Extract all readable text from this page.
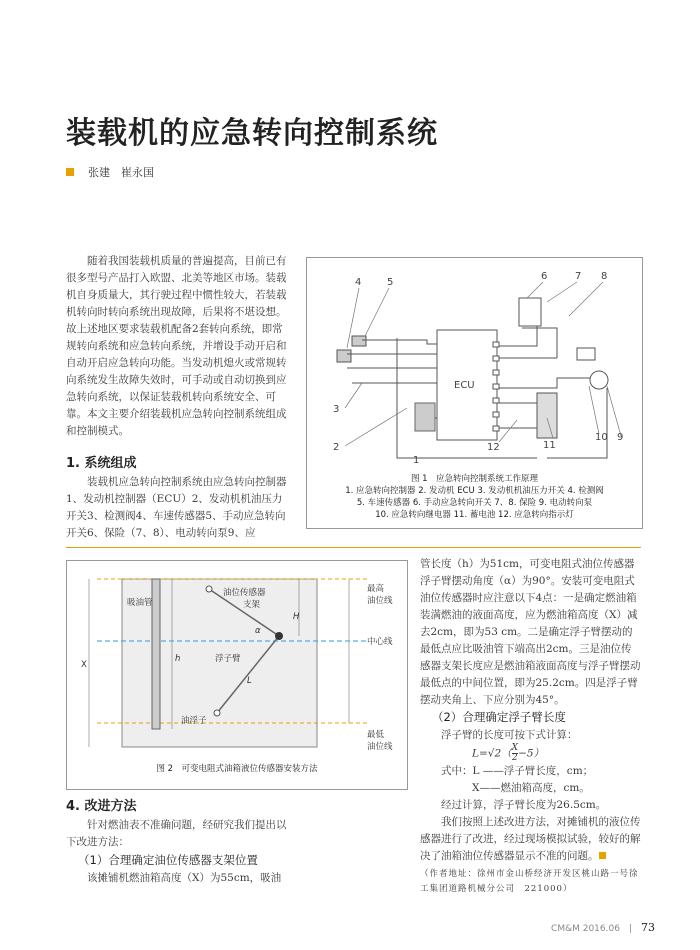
装载机的应急转向控制系统
张建　崔永国

随着我国装载机质量的普遍提高，目前已有很多型号产品打入欧盟、北美等地区市场。装载机自身质量大，其行驶过程中惯性较大，若装载机转向时转向系统出现故障，后果将不堪设想。故上述地区要求装载机配备2套转向系统，即常规转向系统和应急转向系统，并增设手动开启和自动开启应急转向功能。当发动机熄火或常规转向系统发生故障失效时，可手动或自动切换到应急转向系统，以保证装载机转向系统安全、可靠。本文主要介绍装载机应急转向控制系统组成和控制模式。

1. 系统组成

装载机应急转向控制系统由应急转向控制器1、发动机控制器（ECU）2、发动机机油压力开关3、检测阀4、车速传感器5、手动应急转向开关6、保险（7、8）、电动转向泵9、应

ECU
4	5
6	7 8
3
2
1
12	11
10 9
图 1　应急转向控制系统工作原理
1. 应急转向控制器 2. 发动机 ECU 3. 发动机机油压力开关 4. 检测阀
5. 车速传感器 6. 手动应急转向开关 7、8. 保险 9. 电动转向泵
10. 应急转向继电器 11. 蓄电池 12. 应急转向指示灯
吸油管
油位传感器
支架
最高
油位线
中心线
最低
油位线
浮子臂
油浮子
X
h
H
α
L
图 2　可变电阻式油箱液位传感器安装方法
4. 改进方法

针对燃油表不准确问题，经研究我们提出以下改进方法：

（1）合理确定油位传感器支架位置

该摊铺机燃油箱高度（X）为55cm，吸油

管长度（h）为51cm，可变电阻式油位传感器浮子臂摆动角度（α）为90°。安装可变电阻式油位传感器时应注意以下4点：一是确定燃油箱装满燃油的液面高度，应为燃油箱高度（X）减去2cm，即为53 cm。二是确定浮子臂摆动的最低点应比吸油管下端高出2cm。三是油位传感器支架长度应是燃油箱液面高度与浮子臂摆动最低点的中间位置，即为25.2cm。四是浮子臂摆动夹角上、下应分别为45°。

（2）合理确定浮子臂长度

浮子臂的长度可按下式计算：

$L=√2( \frac{X}{2} -5)$
式中：L ——浮子臂长度，cm；
X——燃油箱高度，cm。

经过计算，浮子臂长度为26.5cm。

我们按照上述改进方法，对摊铺机的液位传感器进行了改进，经过现场模拟试验，较好的解决了油箱油位传感器显示不准的问题。

（作者地址：徐州市金山桥经济开发区桃山路一号徐工集团道路机械分公司　221000）

CM&M 2016.06　|　73
